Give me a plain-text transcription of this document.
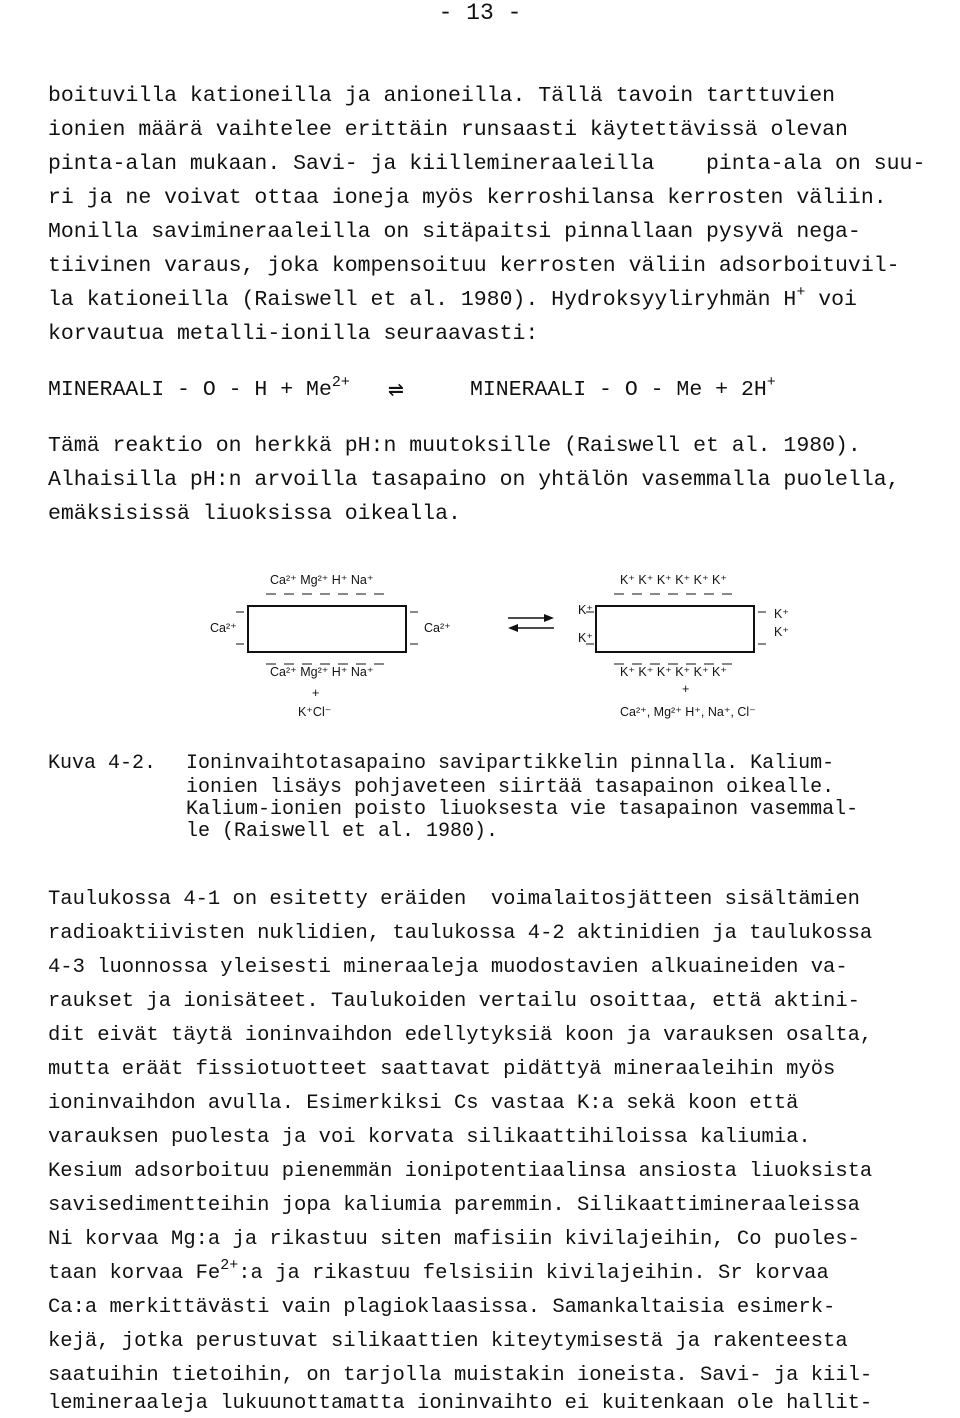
- 13 -
boituvilla kationeilla ja anioneilla. Tällä tavoin tarttuvien
ionien määrä vaihtelee erittäin runsaasti käytettävissä olevan
pinta-alan mukaan. Savi- ja kiillemineraaleilla    pinta-ala on suu-
ri ja ne voivat ottaa ioneja myös kerroshilansa kerrosten väliin.
Monilla savimineraaleilla on sitäpaitsi pinnallaan pysyvä nega-
tiivinen varaus, joka kompensoituu kerrosten väliin adsorboituvil-
la kationeilla (Raiswell et al. 1980). Hydroksyyliryhmän H+ voi
korvautua metalli-ionilla seuraavasti:
MINERAALI - $O - H + Me^{2+}$ ⇌	MINERAALI - O - Me + 2H+
Tämä reaktio on herkkä pH:n muutoksille (Raiswell et al. 1980).
Alhaisilla pH:n arvoilla tasapaino on yhtälön vasemmalla puolella,
emäksisissä liuoksissa oikealla.
Ca²⁺ Mg²⁺ H⁺ Na⁺
Ca²⁺	Ca²⁺
Ca²⁺ Mg²⁺ H⁺ Na⁺
+
K⁺Cl⁻
K⁺ K⁺ K⁺ K⁺ K⁺ K⁺
K⁺
K⁺
K⁺
K⁺
K⁺ K⁺ K⁺ K⁺ K⁺ K⁺
+
Ca²⁺, Mg²⁺ H⁺, Na⁺, Cl⁻
Kuva 4-2. Ioninvaihtotasapaino savipartikkelin pinnalla. Kalium-
ionien lisäys pohjaveteen siirtää tasapainon oikealle.
Kalium-ionien poisto liuoksesta vie tasapainon vasemmal-
le (Raiswell et al. 1980).
Taulukossa 4-1 on esitetty eräiden  voimalaitosjätteen sisältämien
radioaktiivisten nuklidien, taulukossa 4-2 aktinidien ja taulukossa
4-3 luonnossa yleisesti mineraaleja muodostavien alkuaineiden va-
raukset ja ionisäteet. Taulukoiden vertailu osoittaa, että aktini-
dit eivät täytä ioninvaihdon edellytyksiä koon ja varauksen osalta,
mutta eräät fissiotuotteet saattavat pidättyä mineraaleihin myös
ioninvaihdon avulla. Esimerkiksi Cs vastaa K:a sekä koon että
varauksen puolesta ja voi korvata silikaattihiloissa kaliumia.
Kesium adsorboituu pienemmän ionipotentiaalinsa ansiosta liuoksista
savisedimentteihin jopa kaliumia paremmin. Silikaattimineraaleissa
Ni korvaa Mg:a ja rikastuu siten mafisiin kivilajeihin, Co puoles-
taan korvaa $Fe^{2+}:a$ ja rikastuu felsisiin kivilajeihin. Sr korvaa
Ca:a merkittävästi vain plagioklaasissa. Samankaltaisia esimerk-
kejä, jotka perustuvat silikaattien kiteytymisestä ja rakenteesta
saatuihin tietoihin, on tarjolla muistakin ioneista. Savi- ja kiil-
lemineraaleja lukuunottamatta ioninvaihto ei kuitenkaan ole hallit-
